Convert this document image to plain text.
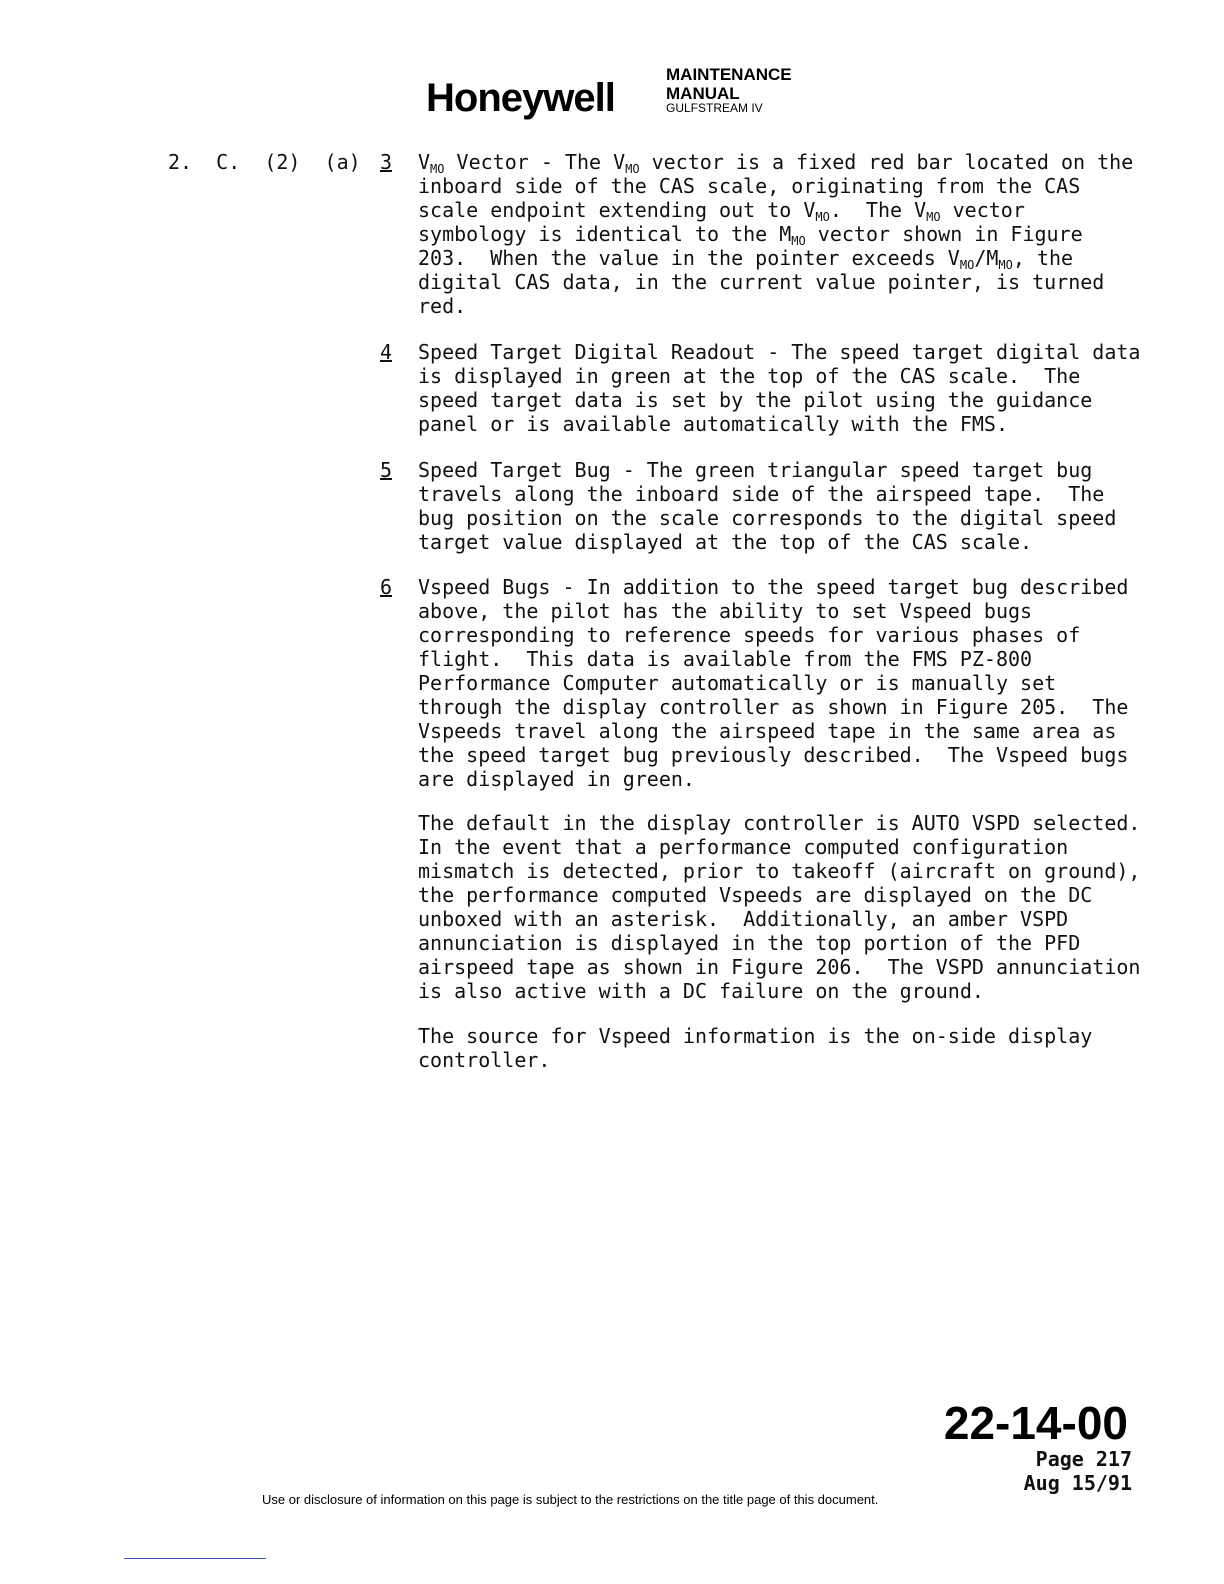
Honeywell
MAINTENANCE
MANUAL
GULFSTREAM IV
2.  C.  (2)  (a) 3 $V_{MO}$ Vector - The $V_{MO}$ vector is a fixed red bar located on the
inboard side of the CAS scale, originating from the CAS
scale endpoint extending out to $V_{MO}$.  The $V_{MO}$ vector
symbology is identical to the $M_{MO}$ vector shown in Figure
203.  When the value in the pointer exceeds $V_{MO}/M_{MO}$, the
digital CAS data, in the current value pointer, is turned
red.
4 Speed Target Digital Readout - The speed target digital data
is displayed in green at the top of the CAS scale.  The
speed target data is set by the pilot using the guidance
panel or is available automatically with the FMS.
5 Speed Target Bug - The green triangular speed target bug
travels along the inboard side of the airspeed tape.  The
bug position on the scale corresponds to the digital speed
target value displayed at the top of the CAS scale.
6 Vspeed Bugs - In addition to the speed target bug described
above, the pilot has the ability to set Vspeed bugs
corresponding to reference speeds for various phases of
flight.  This data is available from the FMS PZ-800
Performance Computer automatically or is manually set
through the display controller as shown in Figure 205.  The
Vspeeds travel along the airspeed tape in the same area as
the speed target bug previously described.  The Vspeed bugs
are displayed in green.
The default in the display controller is AUTO VSPD selected.
In the event that a performance computed configuration
mismatch is detected, prior to takeoff (aircraft on ground),
the performance computed Vspeeds are displayed on the DC
unboxed with an asterisk.  Additionally, an amber VSPD
annunciation is displayed in the top portion of the PFD
airspeed tape as shown in Figure 206.  The VSPD annunciation
is also active with a DC failure on the ground.
The source for Vspeed information is the on-side display
controller.
22-14-00
Page 217
Aug 15/91
Use or disclosure of information on this page is subject to the restrictions on the title page of this document.
